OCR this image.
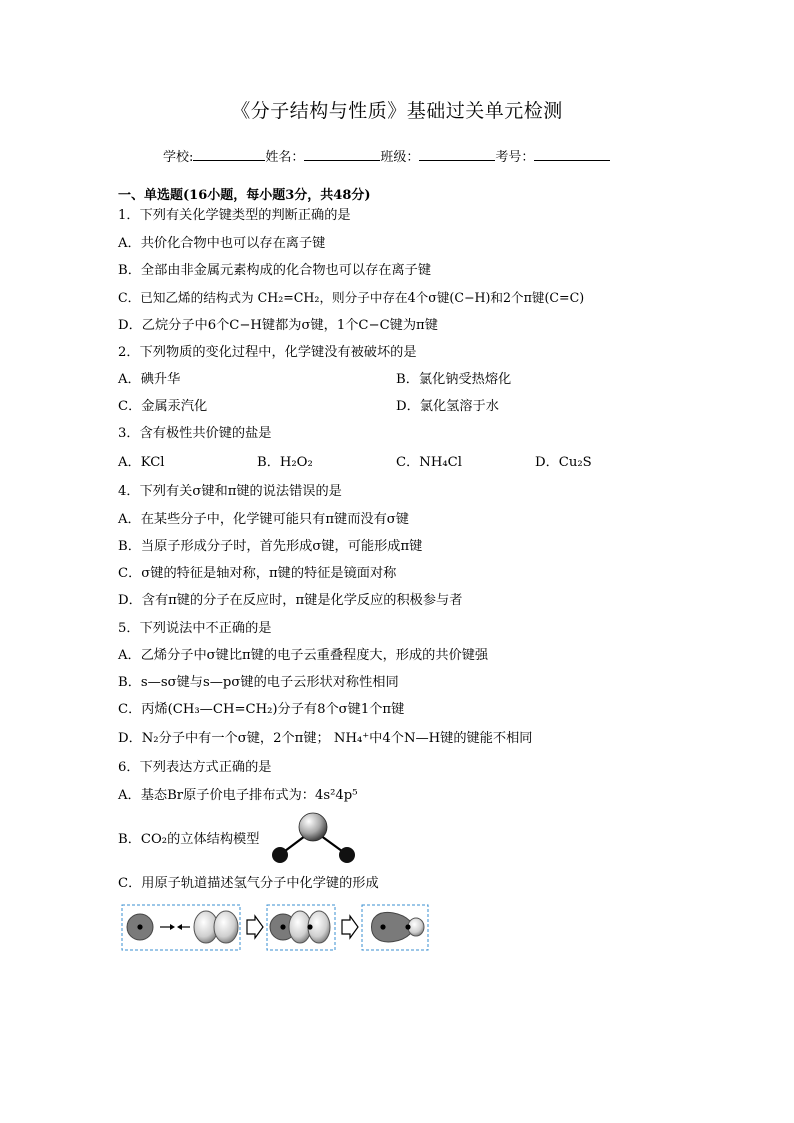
《分子结构与性质》基础过关单元检测
学校:	姓名：	班级：	考号：
一、单选题(16小题，每小题3分，共48分)
1．下列有关化学键类型的判断正确的是
A．共价化合物中也可以存在离子键
B．全部由非金属元素构成的化合物也可以存在离子键
C．已知乙烯的结构式为 CH₂=CH₂，则分子中存在4个σ键(C−H)和2个π键(C=C)
D．乙烷分子中6个C−H键都为σ键，1个C−C键为π键
2．下列物质的变化过程中，化学键没有被破坏的是
A．碘升华	B．氯化钠受热熔化
C．金属汞汽化	D．氯化氢溶于水
3．含有极性共价键的盐是
A．KCl	B．H₂O₂	C．NH₄Cl	D．Cu₂S
4．下列有关σ键和π键的说法错误的是
A．在某些分子中，化学键可能只有π键而没有σ键
B．当原子形成分子时，首先形成σ键，可能形成π键
C．σ键的特征是轴对称，π键的特征是镜面对称
D．含有π键的分子在反应时，π键是化学反应的积极参与者
5．下列说法中不正确的是
A．乙烯分子中σ键比π键的电子云重叠程度大，形成的共价键强
B．s—sσ键与s—pσ键的电子云形状对称性相同
C．丙烯(CH₃—CH=CH₂)分子有8个σ键1个π键
D．N₂分子中有一个σ键，2个π键； NH₄⁺中4个N—H键的键能不相同
6．下列表达方式正确的是
A．基态Br原子价电子排布式为：4s²4p⁵
B．CO₂的立体结构模型
C．用原子轨道描述氢气分子中化学键的形成
